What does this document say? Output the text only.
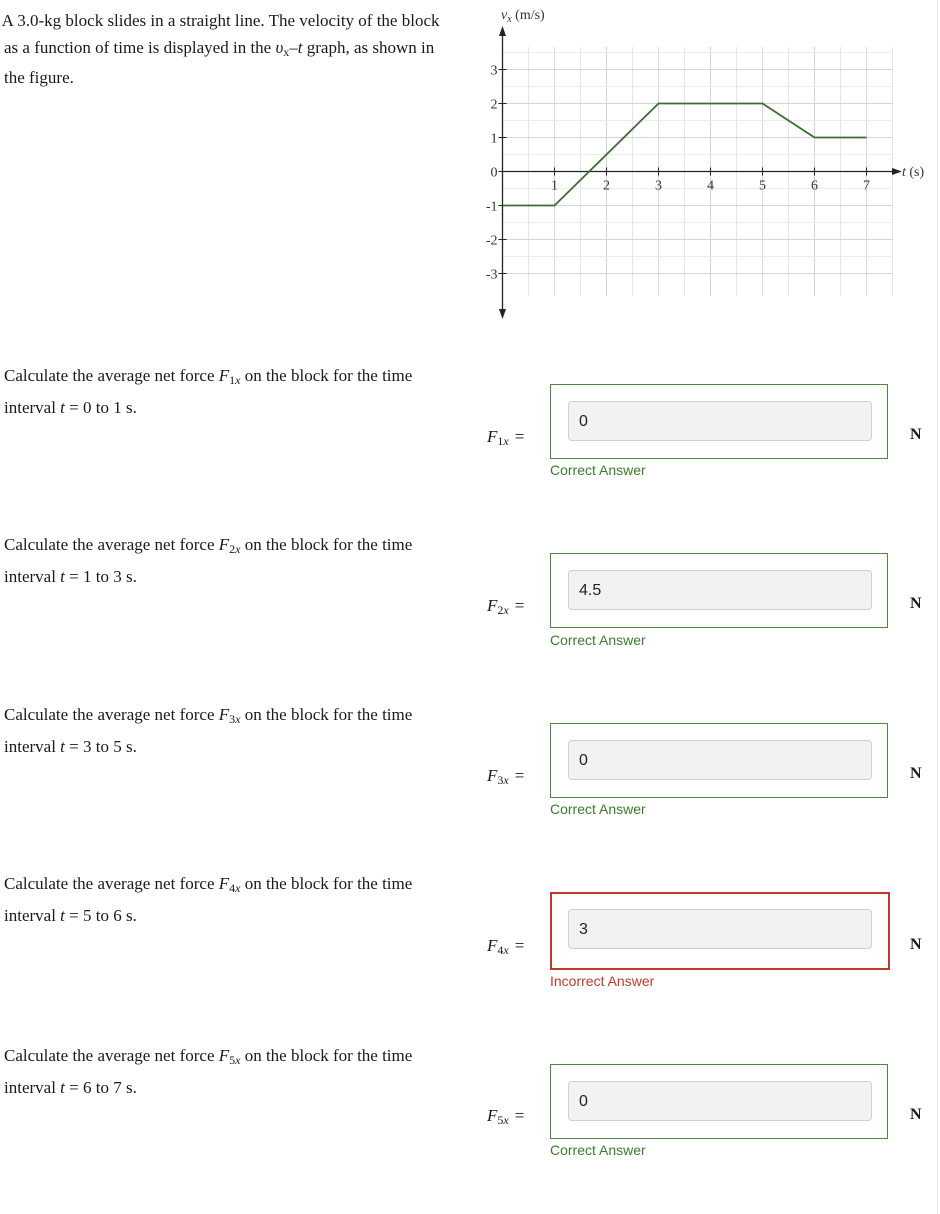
A 3.0-kg block slides in a straight line. The velocity of the block as a function of time is displayed in the $\upsilon_x-t$ graph, as shown in the figure.
1	2	3	4	5	6	7
3
2
1
0
-1
-2
-3
$v_x$ (m/s)
t (s)
Calculate the average net force $F_{1x}$ on the block for the time interval t = 0 to 1 s.
$F_{1x}$ =
0
Correct Answer
N
Calculate the average net force $F_{2x}$ on the block for the time interval t = 1 to 3 s.
$F_{2x}$ =
4.5
Correct Answer
N
Calculate the average net force $F_{3x}$ on the block for the time interval t = 3 to 5 s.
$F_{3x}$ =
0
Correct Answer
N
Calculate the average net force $F_{4x}$ on the block for the time interval t = 5 to 6 s.
$F_{4x}$ =
3
Incorrect Answer
N
Calculate the average net force $F_{5x}$ on the block for the time interval t = 6 to 7 s.
$F_{5x}$ =
0
Correct Answer
N
